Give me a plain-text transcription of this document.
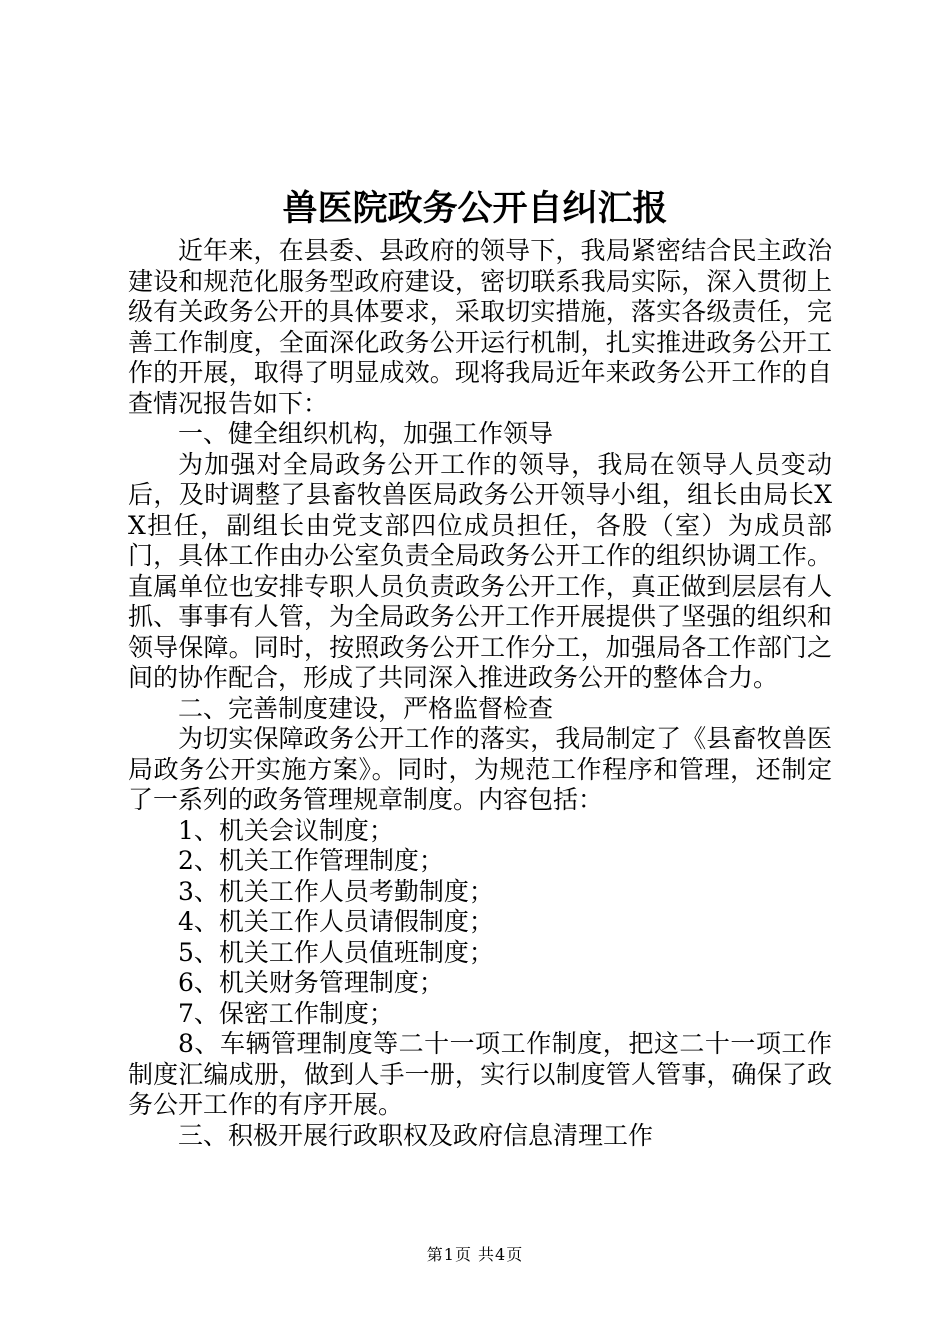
兽医院政务公开自纠汇报

近年来，在县委、县政府的领导下，我局紧密结合民主政治建设和规范化服务型政府建设，密切联系我局实际，深入贯彻上级有关政务公开的具体要求，采取切实措施，落实各级责任，完善工作制度，全面深化政务公开运行机制，扎实推进政务公开工作的开展，取得了明显成效。现将我局近年来政务公开工作的自查情况报告如下：

一、健全组织机构，加强工作领导

为加强对全局政务公开工作的领导，我局在领导人员变动后，及时调整了县畜牧兽医局政务公开领导小组，组长由局长XX担任，副组长由党支部四位成员担任，各股（室）为成员部门，具体工作由办公室负责全局政务公开工作的组织协调工作。直属单位也安排专职人员负责政务公开工作，真正做到层层有人抓、事事有人管，为全局政务公开工作开展提供了坚强的组织和领导保障。同时，按照政务公开工作分工，加强局各工作部门之间的协作配合，形成了共同深入推进政务公开的整体合力。

二、完善制度建设，严格监督检查

为切实保障政务公开工作的落实，我局制定了《县畜牧兽医局政务公开实施方案》。同时，为规范工作程序和管理，还制定了一系列的政务管理规章制度。内容包括：

1、机关会议制度；

2、机关工作管理制度；

3、机关工作人员考勤制度；

4、机关工作人员请假制度；

5、机关工作人员值班制度；

6、机关财务管理制度；

7、保密工作制度；

8、车辆管理制度等二十一项工作制度，把这二十一项工作制度汇编成册，做到人手一册，实行以制度管人管事，确保了政务公开工作的有序开展。

三、积极开展行政职权及政府信息清理工作

第1页 共4页
